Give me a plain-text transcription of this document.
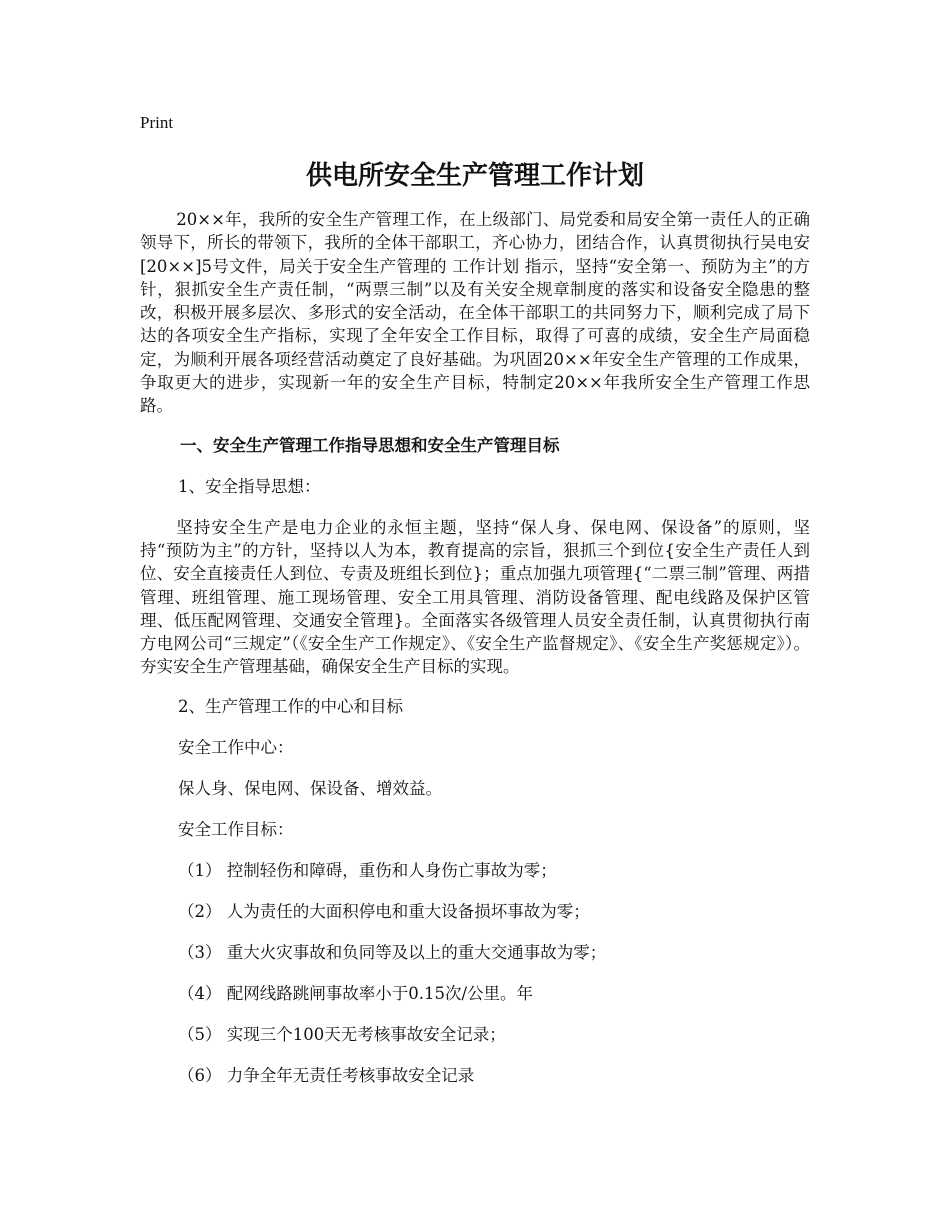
Print
供电所安全生产管理工作计划

20××年，我所的安全生产管理工作，在上级部门、局党委和局安全第一责任人的正确领导下，所长的带领下，我所的全体干部职工，齐心协力，团结合作，认真贯彻执行吴电安[20××]5号文件，局关于安全生产管理的 工作计划 指示，坚持“安全第一、预防为主”的方针，狠抓安全生产责任制，“两票三制”以及有关安全规章制度的落实和设备安全隐患的整改，积极开展多层次、多形式的安全活动，在全体干部职工的共同努力下，顺利完成了局下达的各项安全生产指标，实现了全年安全工作目标，取得了可喜的成绩，安全生产局面稳定，为顺利开展各项经营活动奠定了良好基础。为巩固20××年安全生产管理的工作成果，争取更大的进步，实现新一年的安全生产目标，特制定20××年我所安全生产管理工作思路。

一、安全生产管理工作指导思想和安全生产管理目标

1、安全指导思想：

坚持安全生产是电力企业的永恒主题，坚持“保人身、保电网、保设备”的原则，坚持“预防为主”的方针，坚持以人为本，教育提高的宗旨，狠抓三个到位{安全生产责任人到位、安全直接责任人到位、专责及班组长到位}；重点加强九项管理{“二票三制”管理、两措管理、班组管理、施工现场管理、安全工用具管理、消防设备管理、配电线路及保护区管理、低压配网管理、交通安全管理}。全面落实各级管理人员安全责任制，认真贯彻执行南方电网公司“三规定”（《安全生产工作规定》、《安全生产监督规定》、《安全生产奖惩规定》）。夯实安全生产管理基础，确保安全生产目标的实现。

2、生产管理工作的中心和目标

安全工作中心：

保人身、保电网、保设备、增效益。

安全工作目标：

（1） 控制轻伤和障碍，重伤和人身伤亡事故为零；

（2） 人为责任的大面积停电和重大设备损坏事故为零；

（3） 重大火灾事故和负同等及以上的重大交通事故为零；

（4） 配网线路跳闸事故率小于0.15次/公里。年

（5） 实现三个100天无考核事故安全记录；

（6） 力争全年无责任考核事故安全记录
